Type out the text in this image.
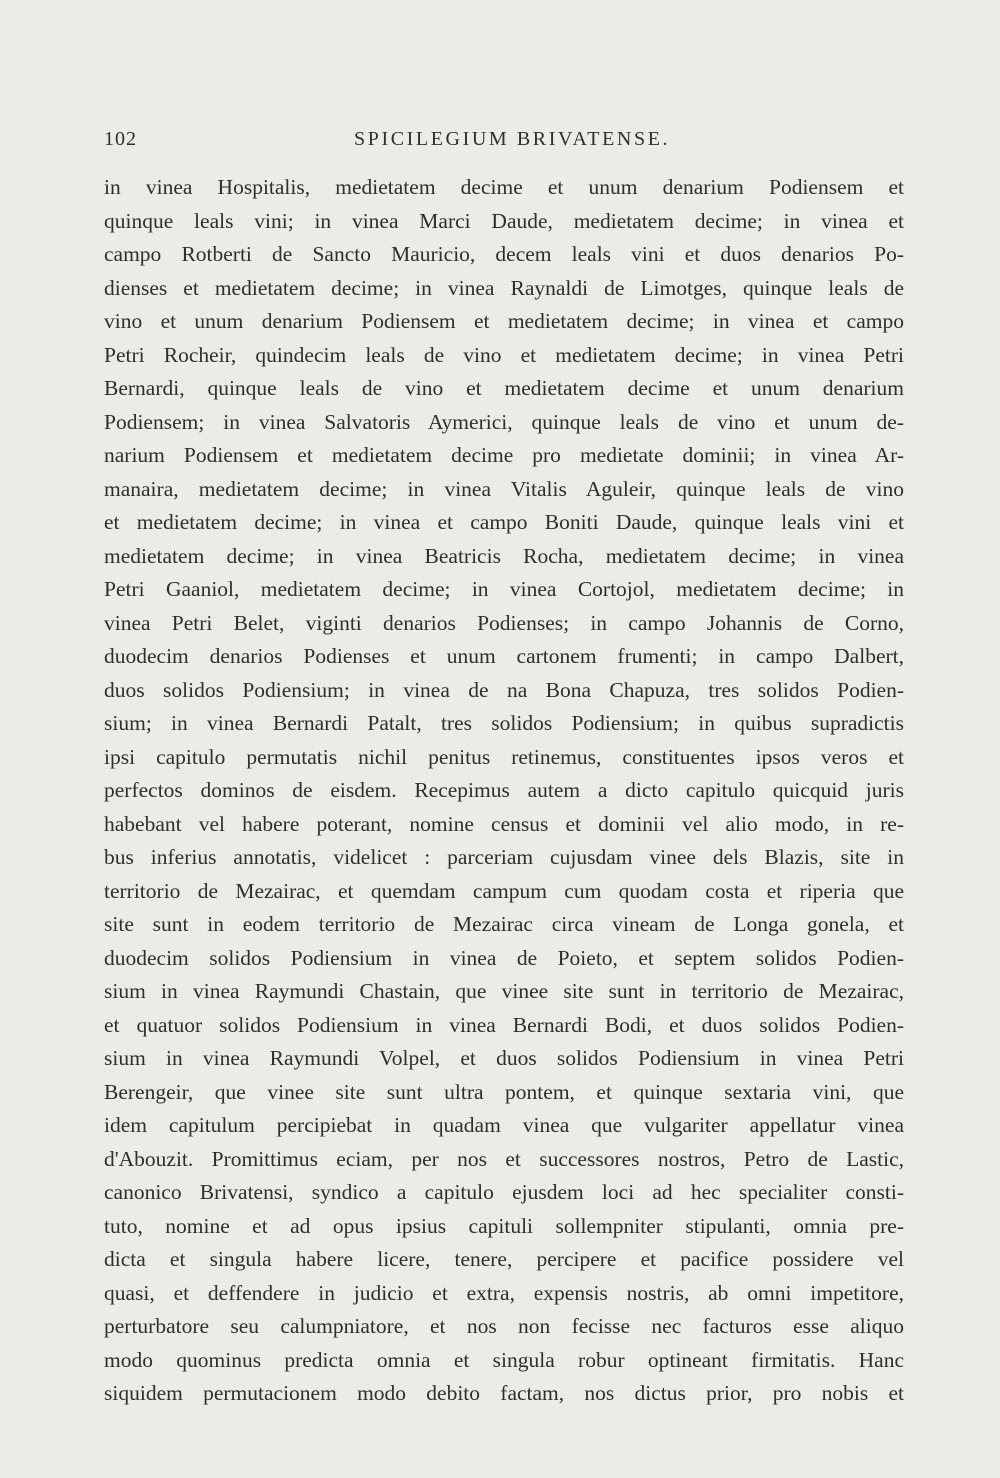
102	SPICILEGIUM BRIVATENSE.
in vinea Hospitalis, medietatem decime et unum denarium Podiensem et
quinque leals vini; in vinea Marci Daude, medietatem decime; in vinea et
campo Rotberti de Sancto Mauricio, decem leals vini et duos denarios Po-
dienses et medietatem decime; in vinea Raynaldi de Limotges, quinque leals de
vino et unum denarium Podiensem et medietatem decime; in vinea et campo
Petri Rocheir, quindecim leals de vino et medietatem decime; in vinea Petri
Bernardi, quinque leals de vino et medietatem decime et unum denarium
Podiensem; in vinea Salvatoris Aymerici, quinque leals de vino et unum de-
narium Podiensem et medietatem decime pro medietate dominii; in vinea Ar-
manaira, medietatem decime; in vinea Vitalis Aguleir, quinque leals de vino
et medietatem decime; in vinea et campo Boniti Daude, quinque leals vini et
medietatem decime; in vinea Beatricis Rocha, medietatem decime; in vinea
Petri Gaaniol, medietatem decime; in vinea Cortojol, medietatem decime; in
vinea Petri Belet, viginti denarios Podienses; in campo Johannis de Corno,
duodecim denarios Podienses et unum cartonem frumenti; in campo Dalbert,
duos solidos Podiensium; in vinea de na Bona Chapuza, tres solidos Podien-
sium; in vinea Bernardi Patalt, tres solidos Podiensium; in quibus supradictis
ipsi capitulo permutatis nichil penitus retinemus, constituentes ipsos veros et
perfectos dominos de eisdem. Recepimus autem a dicto capitulo quicquid juris
habebant vel habere poterant, nomine census et dominii vel alio modo, in re-
bus inferius annotatis, videlicet : parceriam cujusdam vinee dels Blazis, site in
territorio de Mezairac, et quemdam campum cum quodam costa et riperia que
site sunt in eodem territorio de Mezairac circa vineam de Longa gonela, et
duodecim solidos Podiensium in vinea de Poieto, et septem solidos Podien-
sium in vinea Raymundi Chastain, que vinee site sunt in territorio de Mezairac,
et quatuor solidos Podiensium in vinea Bernardi Bodi, et duos solidos Podien-
sium in vinea Raymundi Volpel, et duos solidos Podiensium in vinea Petri
Berengeir, que vinee site sunt ultra pontem, et quinque sextaria vini, que
idem capitulum percipiebat in quadam vinea que vulgariter appellatur vinea
d'Abouzit. Promittimus eciam, per nos et successores nostros, Petro de Lastic,
canonico Brivatensi, syndico a capitulo ejusdem loci ad hec specialiter consti-
tuto, nomine et ad opus ipsius capituli sollempniter stipulanti, omnia pre-
dicta et singula habere licere, tenere, percipere et pacifice possidere vel
quasi, et deffendere in judicio et extra, expensis nostris, ab omni impetitore,
perturbatore seu calumpniatore, et nos non fecisse nec facturos esse aliquo
modo quominus predicta omnia et singula robur optineant firmitatis. Hanc
siquidem permutacionem modo debito factam, nos dictus prior, pro nobis et
